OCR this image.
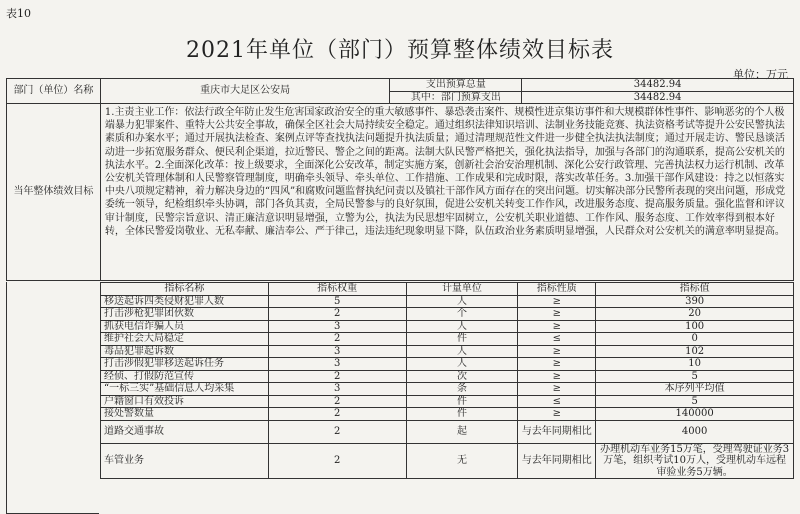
表10
2021年单位（部门）预算整体绩效目标表
单位：万元
部门（单位）名称	重庆市大足区公安局	支出预算总量	34482.94
		其中：部门预算支出	34482.94
当年整体绩效目标	1.主责主业工作：依法行政全年防止发生危害国家政治安全的重大敏感事件、暴恐袭击案件、规模性进京集访事件和大规模群体性事件、影响恶劣的个人极端暴力犯罪案件、重特大公共安全事故，确保全区社会大局持续安全稳定。通过组织法律知识培训、法制业务技能竞赛、执法资格考试等提升公安民警执法素质和办案水平；通过开展执法检查、案例点评等查找执法问题提升执法质量；通过清理规范性文件进一步健全执法执法制度；通过开展走访、警民恳谈活动进一步拓宽服务群众、便民利企渠道，拉近警民、警企之间的距离。法制大队民警严格把关，强化执法指导，加强与各部门的沟通联系，提高公安机关的执法水平。2.全面深化改革：按上级要求，全面深化公安改革，制定实施方案，创新社会治安治理机制、深化公安行政管理、完善执法权力运行机制、改革公安机关管理体制和人民警察管理制度，明确牵头领导、牵头单位、工作措施、工作成果和完成时限，落实改革任务。3.加强干部作风建设：持之以恒落实中央八项规定精神，着力解决身边的“四风”和腐败问题监督执纪问责以及镇社干部作风方面存在的突出问题。切实解决部分民警所表现的突出问题，形成党委统一领导，纪检组织牵头协调，部门各负其责，全局民警参与的良好氛围，促进公安机关转变工作作风，改进服务态度、提高服务质量。强化监督和评议审计制度，民警宗旨意识、清正廉洁意识明显增强，立警为公，执法为民思想牢固树立，公安机关职业道德、工作作风、服务态度、工作效率得到根本好转，全体民警爱岗敬业、无私奉献、廉洁奉公、严于律己，违法违纪现象明显下降，队伍政治业务素质明显增强，人民群众对公安机关的满意率明显提高。		
指标名称	指标权重	计量单位	指标性质	指标值
移送起诉四类侵财犯罪人数	5	人	≥	390
打击涉枪犯罪团伙数	2	个	≥	20
抓获电信诈骗人员	3	人	≥	100
维护社会大局稳定	2	件	≤	0
毒品犯罪起诉数	3	人	≥	102
打击涉假犯罪移送起诉任务	3	人	≥	10
经侦、打假防范宣传	2	次	≥	5
“一标三实”基础信息人均采集	3	条	≥	本序列平均值
户籍窗口有效投诉	2	件	≤	5
接处警数量	2	件	≥	140000
道路交通事故	2	起	与去年同期相比	4000
车管业务	2	无	与去年同期相比	办理机动车业务15万笔，受理驾驶证业务3万笔，组织考试10万人，受理机动车远程审验业务5万辆。
